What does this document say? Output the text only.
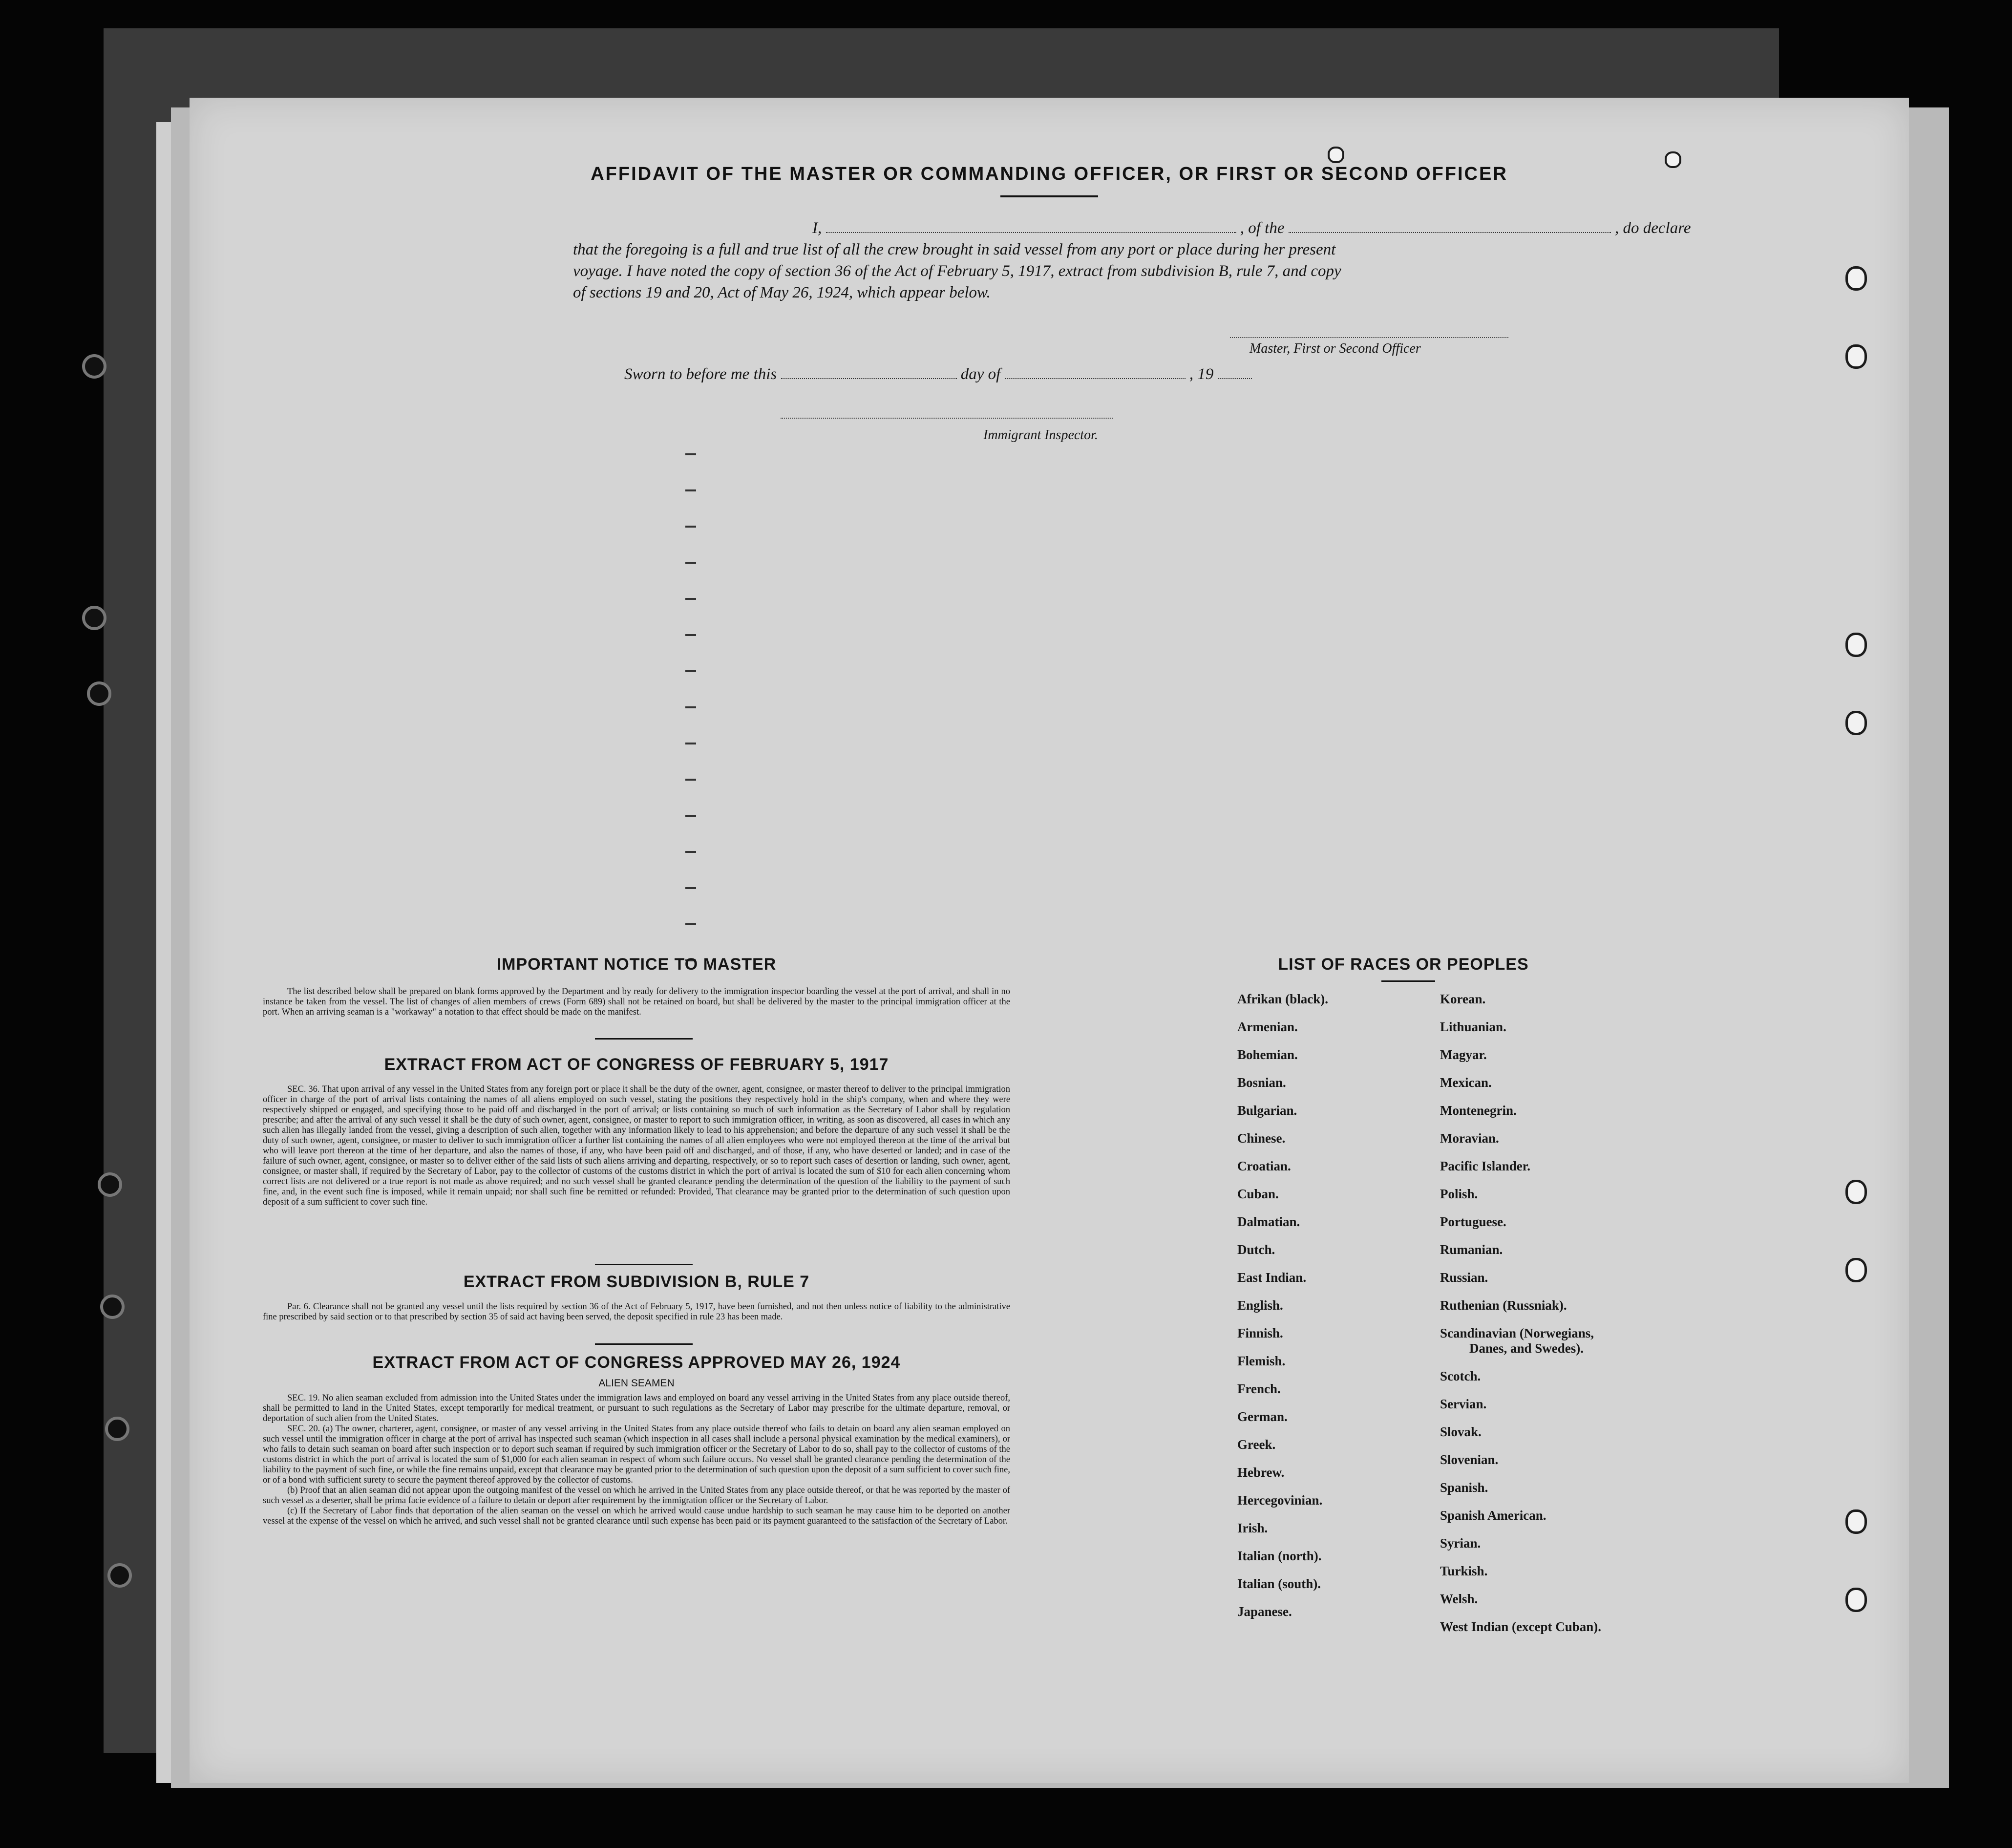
AFFIDAVIT OF THE MASTER OR COMMANDING OFFICER, OR FIRST OR SECOND OFFICER

I,	, of the	, do declare

that the foregoing is a full and true list of all the crew brought in said vessel from any port or place during her present

voyage. I have noted the copy of section 36 of the Act of February 5, 1917, extract from subdivision B, rule 7, and copy

of sections 19 and 20, Act of May 26, 1924, which appear below.

Master, First or Second Officer
Sworn to before me this	day of	, 19
Immigrant Inspector.
IMPORTANT NOTICE TO MASTER
The list described below shall be prepared on blank forms approved by the Department and by ready for delivery to the immigration inspector boarding the vessel at the port of arrival, and shall in no instance be taken from the vessel. The list of changes of alien members of crews (Form 689) shall not be retained on board, but shall be delivered by the master to the principal immigration officer at the port. When an arriving seaman is a "workaway" a notation to that effect should be made on the manifest.
EXTRACT FROM ACT OF CONGRESS OF FEBRUARY 5, 1917
SEC. 36. That upon arrival of any vessel in the United States from any foreign port or place it shall be the duty of the owner, agent, consignee, or master thereof to deliver to the principal immigration officer in charge of the port of arrival lists containing the names of all aliens employed on such vessel, stating the positions they respectively hold in the ship's company, when and where they were respectively shipped or engaged, and specifying those to be paid off and discharged in the port of arrival; or lists containing so much of such information as the Secretary of Labor shall by regulation prescribe; and after the arrival of any such vessel it shall be the duty of such owner, agent, consignee, or master to report to such immigration officer, in writing, as soon as discovered, all cases in which any such alien has illegally landed from the vessel, giving a description of such alien, together with any information likely to lead to his apprehension; and before the departure of any such vessel it shall be the duty of such owner, agent, consignee, or master to deliver to such immigration officer a further list containing the names of all alien employees who were not employed thereon at the time of the arrival but who will leave port thereon at the time of her departure, and also the names of those, if any, who have been paid off and discharged, and of those, if any, who have deserted or landed; and in case of the failure of such owner, agent, consignee, or master so to deliver either of the said lists of such aliens arriving and departing, respectively, or so to report such cases of desertion or landing, such owner, agent, consignee, or master shall, if required by the Secretary of Labor, pay to the collector of customs of the customs district in which the port of arrival is located the sum of $10 for each alien concerning whom correct lists are not delivered or a true report is not made as above required; and no such vessel shall be granted clearance pending the determination of the question of the liability to the payment of such fine, and, in the event such fine is imposed, while it remain unpaid; nor shall such fine be remitted or refunded: Provided, That clearance may be granted prior to the determination of such question upon deposit of a sum sufficient to cover such fine.
EXTRACT FROM SUBDIVISION B, RULE 7
Par. 6. Clearance shall not be granted any vessel until the lists required by section 36 of the Act of February 5, 1917, have been furnished, and not then unless notice of liability to the administrative fine prescribed by said section or to that prescribed by section 35 of said act having been served, the deposit specified in rule 23 has been made.
EXTRACT FROM ACT OF CONGRESS APPROVED MAY 26, 1924
ALIEN SEAMEN

SEC. 19. No alien seaman excluded from admission into the United States under the immigration laws and employed on board any vessel arriving in the United States from any place outside thereof, shall be permitted to land in the United States, except temporarily for medical treatment, or pursuant to such regulations as the Secretary of Labor may prescribe for the ultimate departure, removal, or deportation of such alien from the United States.

SEC. 20. (a) The owner, charterer, agent, consignee, or master of any vessel arriving in the United States from any place outside thereof who fails to detain on board any alien seaman employed on such vessel until the immigration officer in charge at the port of arrival has inspected such seaman (which inspection in all cases shall include a personal physical examination by the medical examiners), or who fails to detain such seaman on board after such inspection or to deport such seaman if required by such immigration officer or the Secretary of Labor to do so, shall pay to the collector of customs of the customs district in which the port of arrival is located the sum of $1,000 for each alien seaman in respect of whom such failure occurs. No vessel shall be granted clearance pending the determination of the liability to the payment of such fine, or while the fine remains unpaid, except that clearance may be granted prior to the determination of such question upon the deposit of a sum sufficient to cover such fine, or of a bond with sufficient surety to secure the payment thereof approved by the collector of customs.

(b) Proof that an alien seaman did not appear upon the outgoing manifest of the vessel on which he arrived in the United States from any place outside thereof, or that he was reported by the master of such vessel as a deserter, shall be prima facie evidence of a failure to detain or deport after requirement by the immigration officer or the Secretary of Labor.

(c) If the Secretary of Labor finds that deportation of the alien seaman on the vessel on which he arrived would cause undue hardship to such seaman he may cause him to be deported on another vessel at the expense of the vessel on which he arrived, and such vessel shall not be granted clearance until such expense has been paid or its payment guaranteed to the satisfaction of the Secretary of Labor.

LIST OF RACES OR PEOPLES
Afrikan (black).
Armenian.
Bohemian.
Bosnian.
Bulgarian.
Chinese.
Croatian.
Cuban.
Dalmatian.
Dutch.
East Indian.
English.
Finnish.
Flemish.
French.
German.
Greek.
Hebrew.
Hercegovinian.
Irish.
Italian (north).
Italian (south).
Japanese.
Korean.
Lithuanian.
Magyar.
Mexican.
Montenegrin.
Moravian.
Pacific Islander.
Polish.
Portuguese.
Rumanian.
Russian.
Ruthenian (Russniak).
Scandinavian (Norwegians,
Danes, and Swedes).
Scotch.
Servian.
Slovak.
Slovenian.
Spanish.
Spanish American.
Syrian.
Turkish.
Welsh.
West Indian (except Cuban).
